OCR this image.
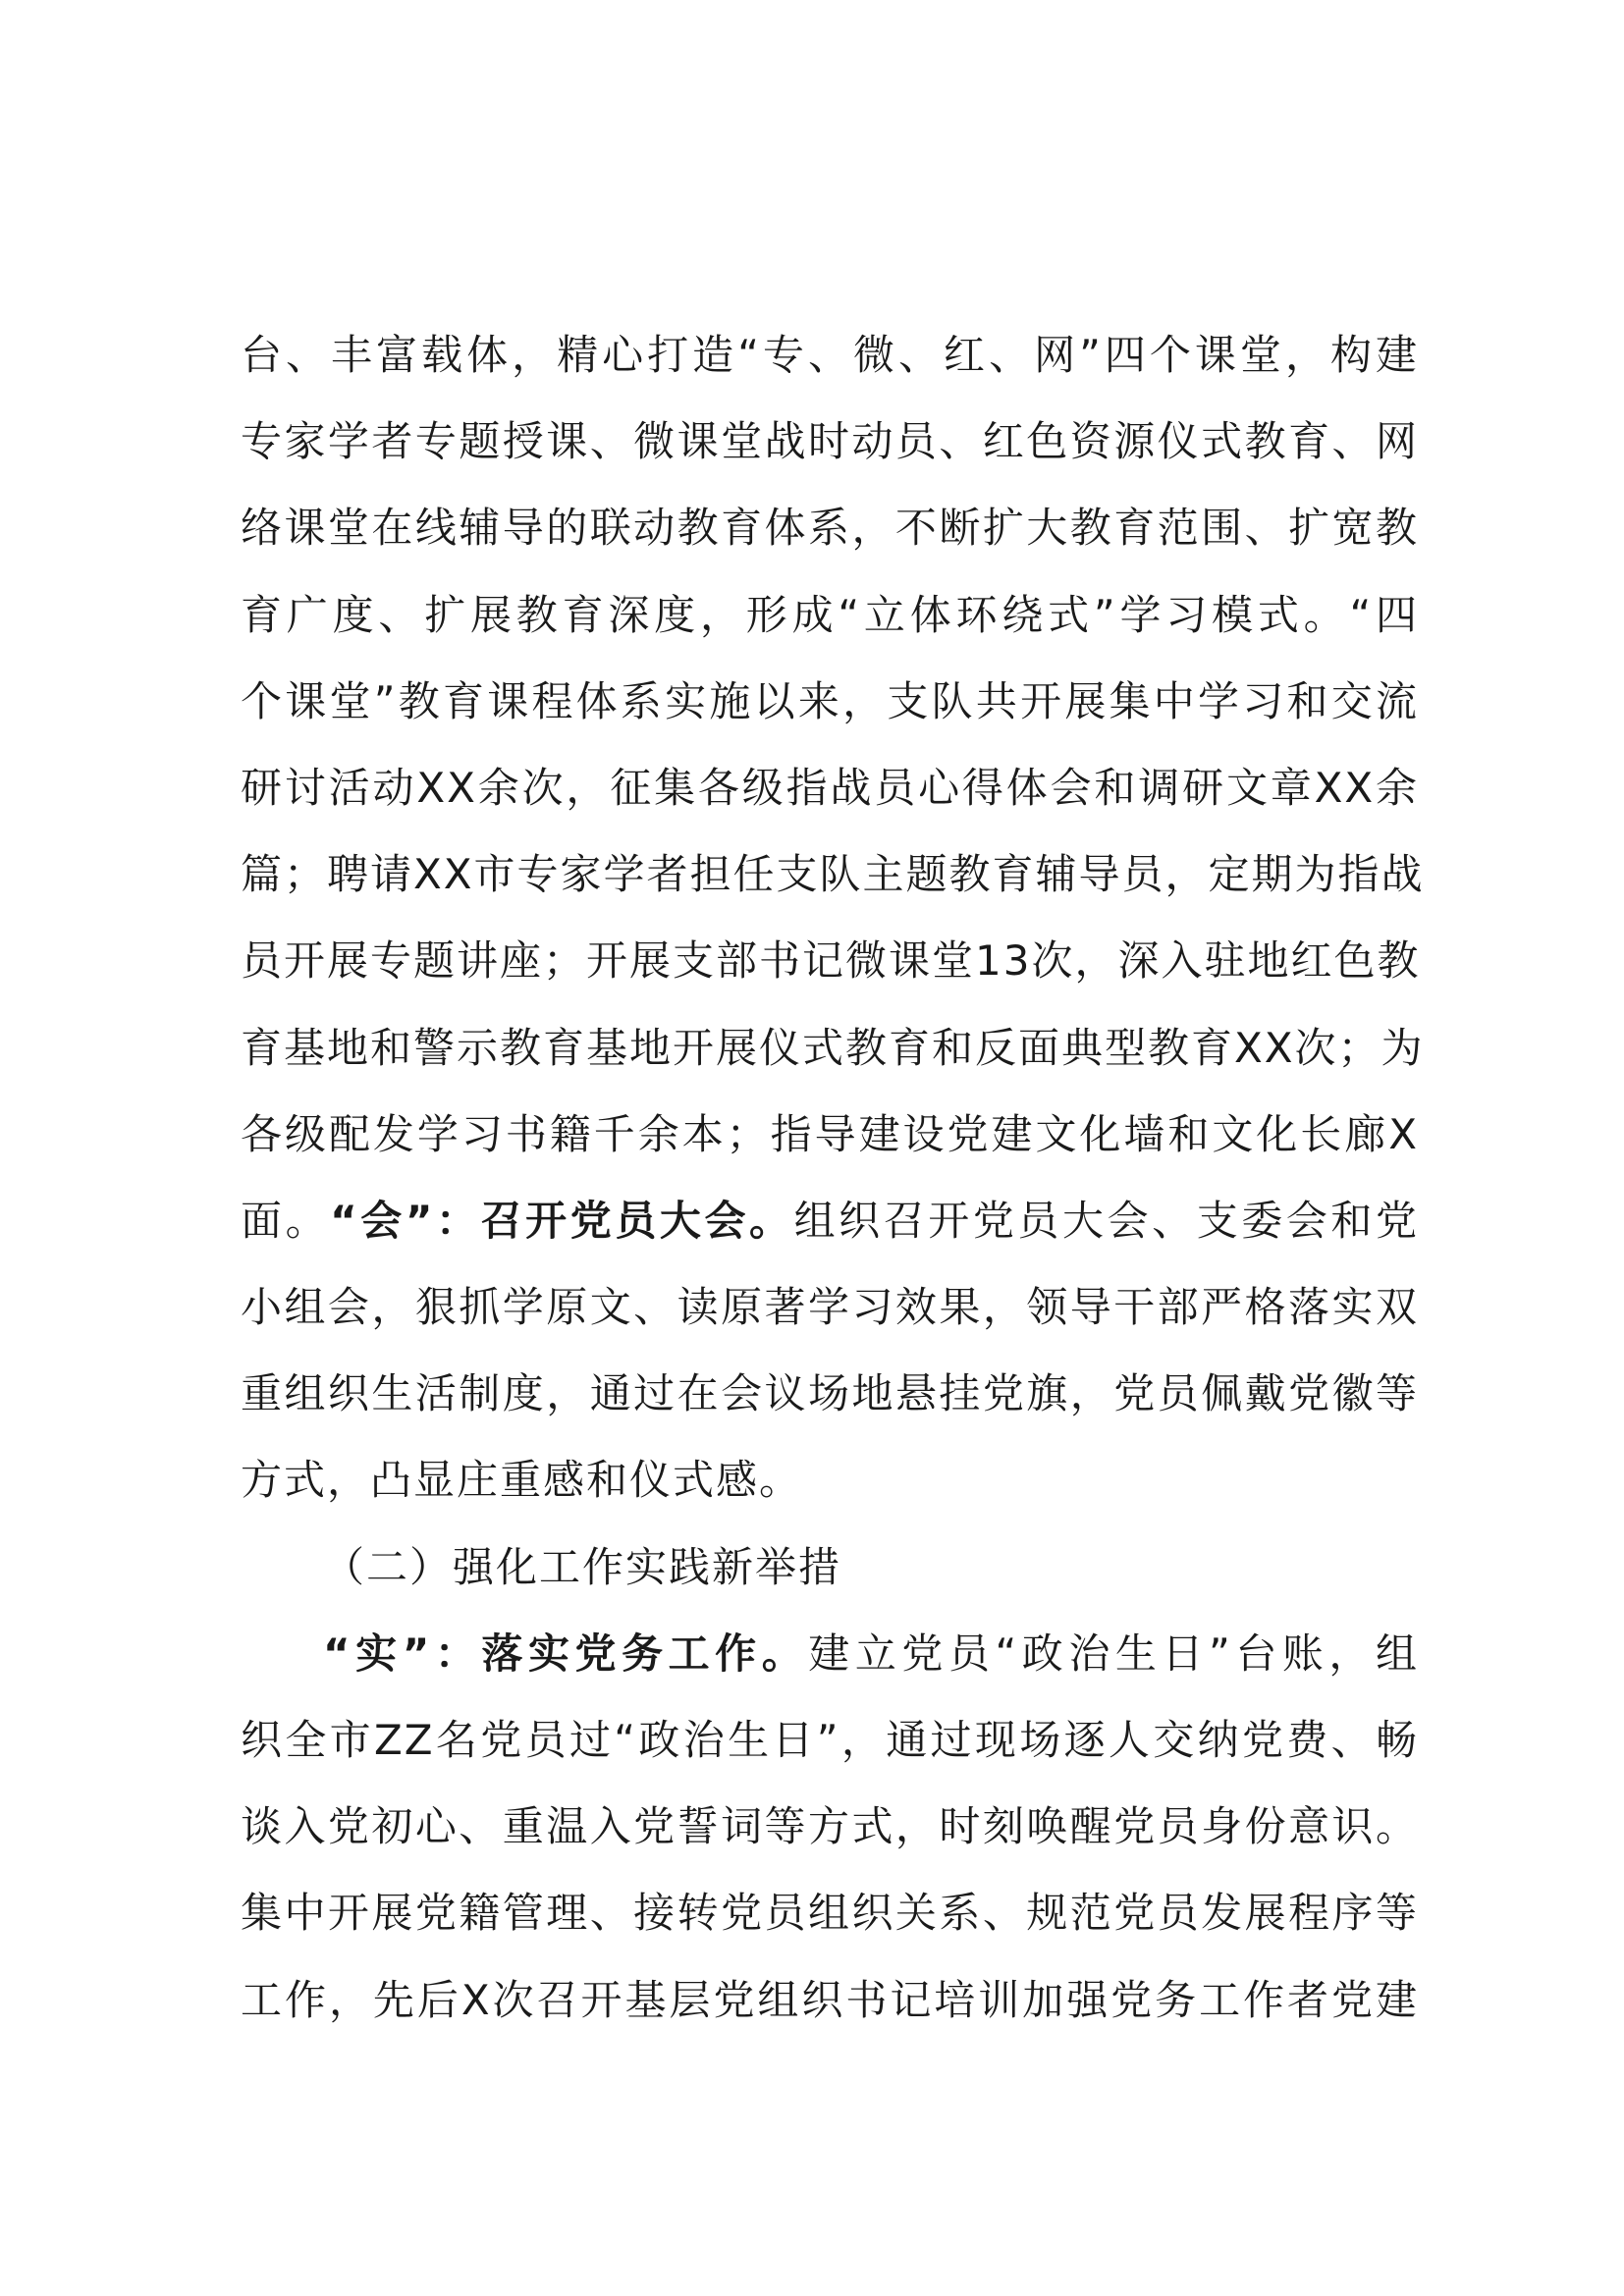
台、丰富载体，精心打造“专、微、红、网”四个课堂，构建
专家学者专题授课、微课堂战时动员、红色资源仪式教育、网
络课堂在线辅导的联动教育体系，不断扩大教育范围、扩宽教
育广度、扩展教育深度，形成“立体环绕式”学习模式。“四
个课堂”教育课程体系实施以来，支队共开展集中学习和交流
研讨活动XX余次，征集各级指战员心得体会和调研文章XX余
篇；聘请XX市专家学者担任支队主题教育辅导员，定期为指战
员开展专题讲座；开展支部书记微课堂13次，深入驻地红色教
育基地和警示教育基地开展仪式教育和反面典型教育XX次；为
各级配发学习书籍千余本；指导建设党建文化墙和文化长廊X
面。“会”：召开党员大会。组织召开党员大会、支委会和党
小组会，狠抓学原文、读原著学习效果，领导干部严格落实双
重组织生活制度，通过在会议场地悬挂党旗，党员佩戴党徽等
方式，凸显庄重感和仪式感。
（二）强化工作实践新举措
“实”：落实党务工作。建立党员“政治生日”台账，组
织全市ZZ名党员过“政治生日”，通过现场逐人交纳党费、畅
谈入党初心、重温入党誓词等方式，时刻唤醒党员身份意识。
集中开展党籍管理、接转党员组织关系、规范党员发展程序等
工作，先后X次召开基层党组织书记培训加强党务工作者党建
